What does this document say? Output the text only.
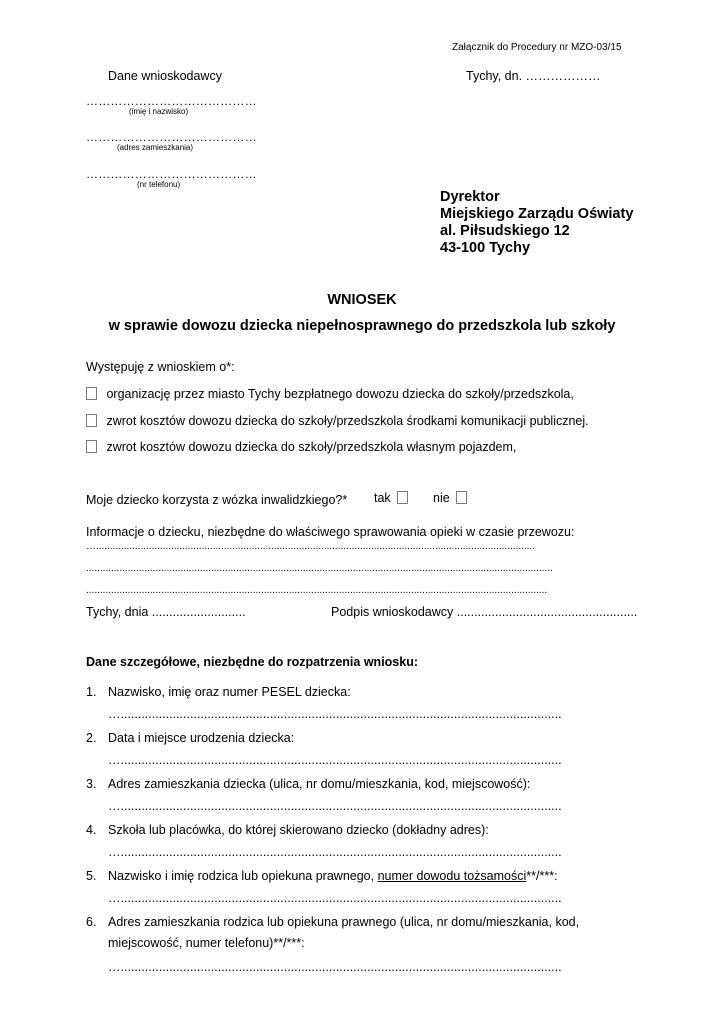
Załącznik do Procedury nr MZO-03/15
Dane wnioskodawcy	Tychy, dn. ………………
……………………………………
(imię i nazwisko)
……………………………………
(adres zamieszkania)
……………………………………
(nr telefonu)
Dyrektor
Miejskiego Zarządu Oświaty
al. Piłsudskiego 12
43-100 Tychy
WNIOSEK
w sprawie dowozu dziecka niepełnosprawnego do przedszkola lub szkoły
Występuję z wnioskiem o*:
organizację przez miasto Tychy bezpłatnego dowozu dziecka do szkoły/przedszkola,
zwrot kosztów dowozu dziecka do szkoły/przedszkola środkami komunikacji publicznej.
zwrot kosztów dowozu dziecka do szkoły/przedszkola własnym pojazdem,
Moje dziecko korzysta z wózka inwalidzkiego?* tak	nie
Informacje o dziecku, niezbędne do właściwego sprawowania opieki w czasie przewozu:
…..............................................................................................................................................................
........................................................................................................................................................................
......................................................................................................................................................................
Tychy, dnia ...........................	Podpis wnioskodawcy ....................................................
Dane szczegółowe, niezbędne do rozpatrzenia wniosku:
1. Nazwisko, imię oraz numer PESEL dziecka:
…...............................................................................................................................
2. Data i miejsce urodzenia dziecka:
…...............................................................................................................................
3. Adres zamieszkania dziecka (ulica, nr domu/mieszkania, kod, miejscowość):
…...............................................................................................................................
4. Szkoła lub placówka, do której skierowano dziecko (dokładny adres):
…...............................................................................................................................
5. Nazwisko i imię rodzica lub opiekuna prawnego, numer dowodu tożsamości**/***:
…...............................................................................................................................
6. Adres zamieszkania rodzica lub opiekuna prawnego (ulica, nr domu/mieszkania, kod,
miejscowość, numer telefonu)**/***:
…...............................................................................................................................
